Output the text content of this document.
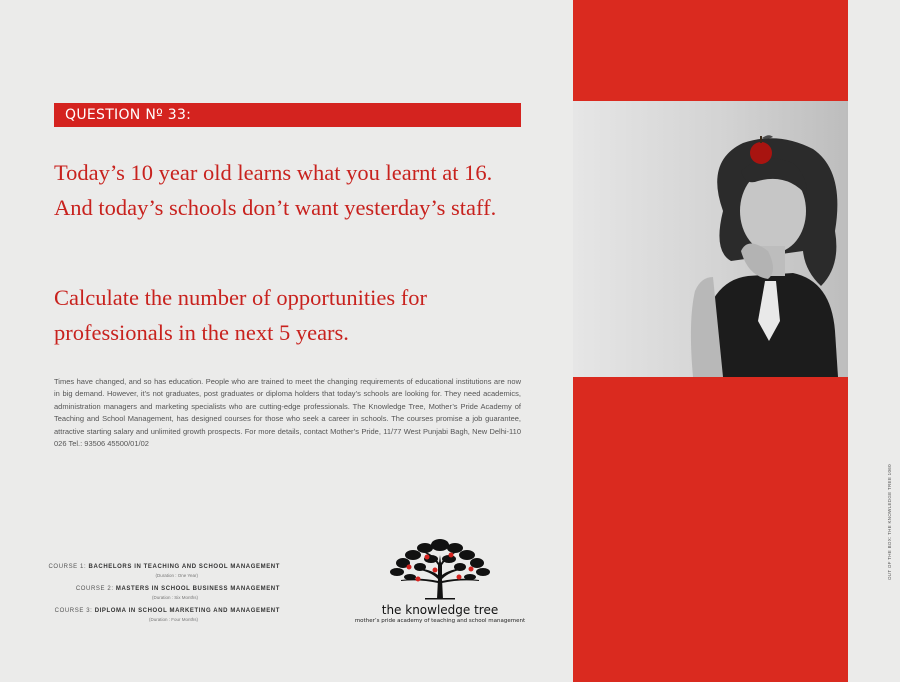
QUESTION Nº 33:

Today’s 10 year old learns what you learnt at 16. And today’s schools don’t want yesterday’s staff.

Calculate the number of opportunities for professionals in the next 5 years.

Times have changed, and so has education. People who are trained to meet the changing requirements of educational institutions are now in big demand. However, it’s not graduates, post graduates or diploma holders that today’s schools are looking for. They need academics, administration managers and marketing specialists who are cutting-edge professionals. The Knowledge Tree, Mother’s Pride Academy of Teaching and School Management, has designed courses for those who seek a career in schools. The courses promise a job guarantee, attractive starting salary and unlimited growth prospects. For more details, contact Mother’s Pride, 11/77 West Punjabi Bagh, New Delhi-110 026 Tel.: 93506 45500/01/02

COURSE 1: BACHELORS IN TEACHING AND SCHOOL MANAGEMENT
(Duration : One Year)
COURSE 2: MASTERS IN SCHOOL BUSINESS MANAGEMENT
(Duration : Six Months)
COURSE 3: DIPLOMA IN SCHOOL MARKETING AND MANAGEMENT
(Duration : Four Months)
the knowledge tree
mother’s pride academy of teaching and school management
OUT OF THE BOX: THE KNOWLEDGE TREE 1060
